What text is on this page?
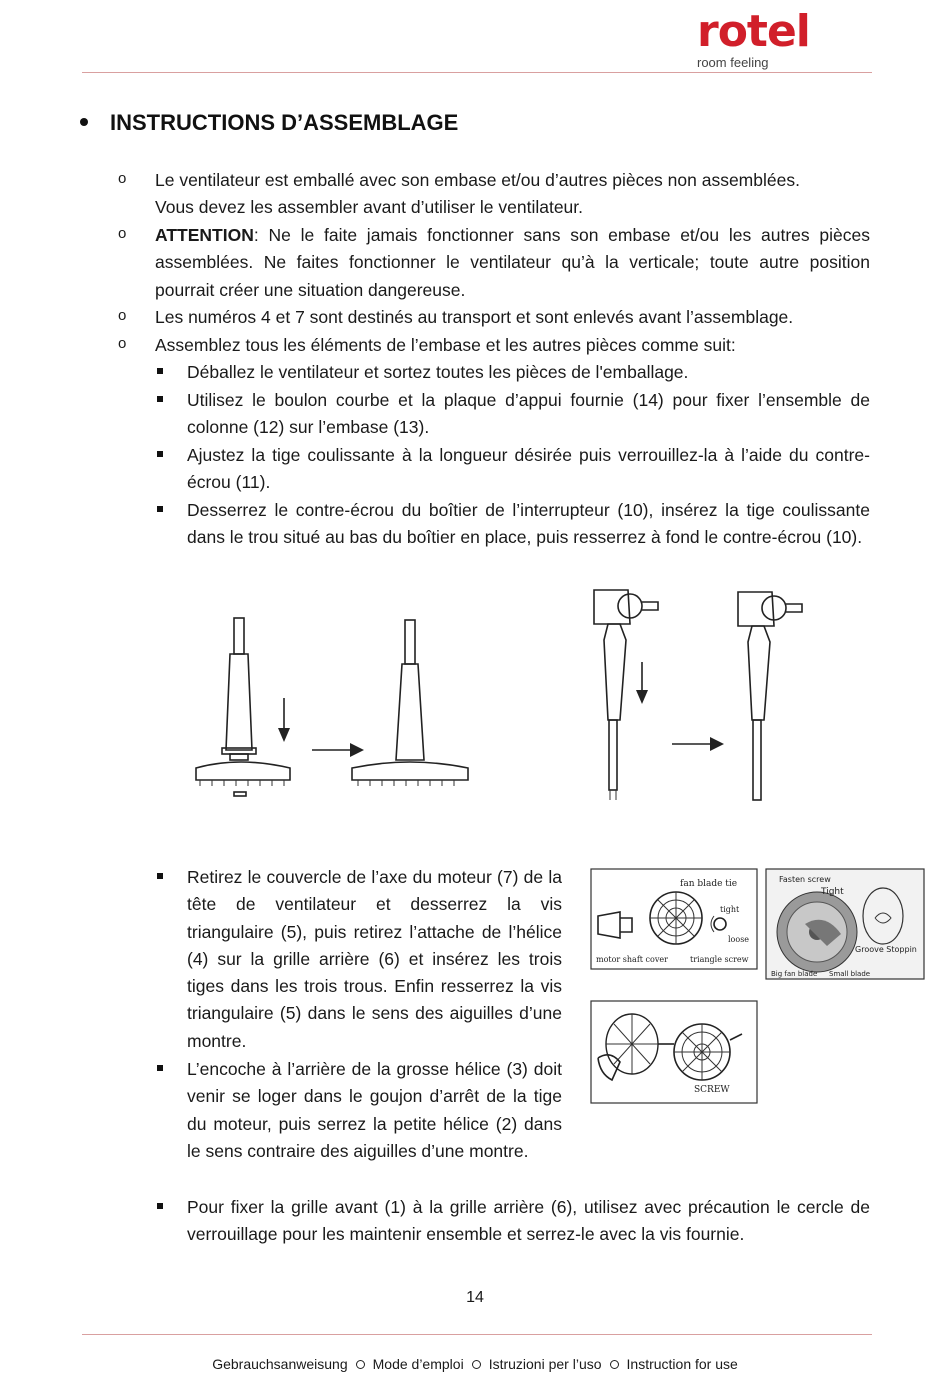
rotel
room feeling
INSTRUCTIONS D’ASSEMBLAGE
o Le ventilateur est emballé avec son embase et/ou d’autres pièces non assemblées.
Vous devez les assembler avant d’utiliser le ventilateur.
o ATTENTION: Ne le faite jamais fonctionner sans son embase et/ou les autres pièces assemblées. Ne faites fonctionner le ventilateur qu’à la verticale; toute autre position pourrait créer une situation dangereuse.
o Les numéros 4 et 7 sont destinés au transport et sont enlevés avant l’assemblage.
o Assemblez tous les éléments de l’embase et les autres pièces comme suit:
Déballez le ventilateur et sortez toutes les pièces de l'emballage.
Utilisez le boulon courbe et la plaque d’appui fournie (14) pour fixer l’ensemble de colonne (12) sur l’embase (13).
Ajustez la tige coulissante à la longueur désirée puis verrouillez-la à l’aide du contre-écrou (11).
Desserrez le contre-écrou du boîtier de l’interrupteur (10), insérez la tige coulissante dans le trou situé au bas du boîtier en place, puis resserrez à fond le contre-écrou (10).
Retirez le couvercle de l’axe du moteur (7) de la tête de ventilateur et desserrez la vis triangulaire (5), puis retirez l’attache de l’hélice (4) sur la grille arrière (6) et insérez les trois tiges dans les trois trous. Enfin resserrez la vis triangulaire (5) dans le sens des aiguilles d’une montre.
L’encoche à l’arrière de la grosse hélice (3) doit venir se loger dans le goujon d’arrêt de la tige du moteur, puis serrez la petite hélice (2) dans le sens contraire des aiguilles d’une montre.
Pour fixer la grille avant (1) à la grille arrière (6), utilisez avec précaution le cercle de verrouillage pour les maintenir ensemble et serrez-le avec la vis fournie.
fan blade tie
tight
loose
motor shaft cover	triangle screw
Fasten screw
Tight
Groove Stoppin
Big fan blade Small blade
SCREW
14
Gebrauchsanweisung Mode d’emploi Istruzioni per l’uso Instruction for use
